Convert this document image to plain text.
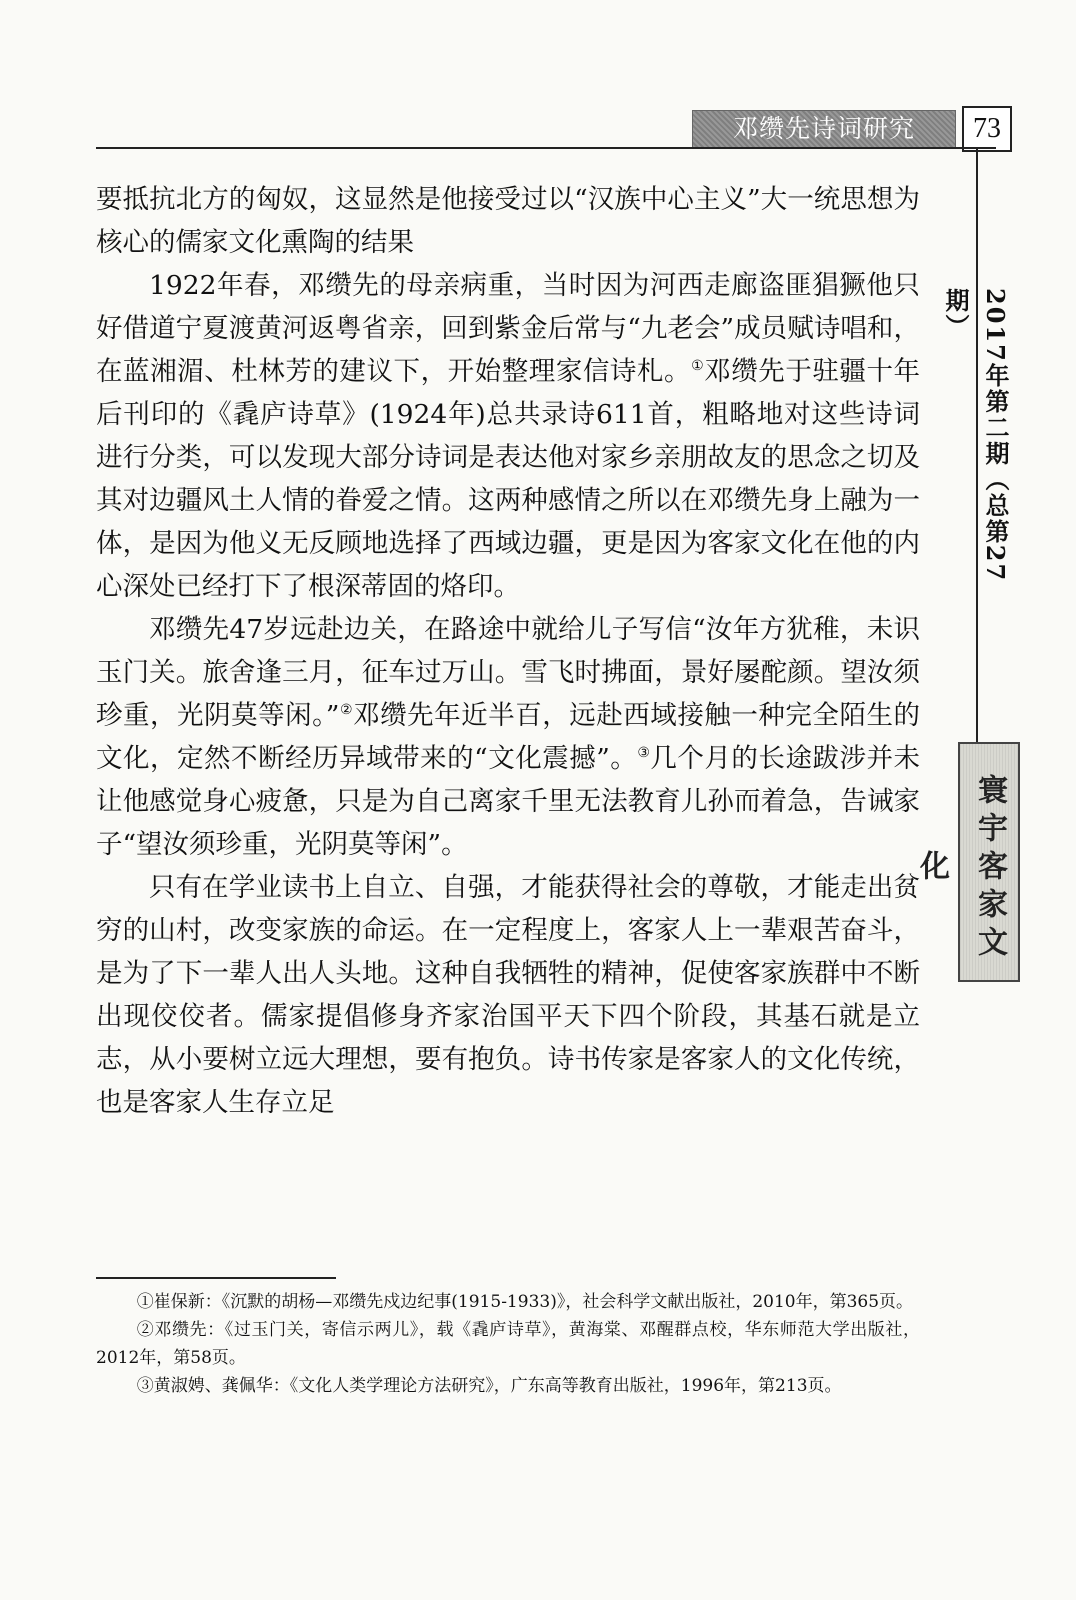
邓缵先诗词研究	73
2017年第二期（总第27期）
寰宇客家文化

要抵抗北方的匈奴，这显然是他接受过以“汉族中心主义”大一统思想为核心的儒家文化熏陶的结果

1922年春，邓缵先的母亲病重，当时因为河西走廊盗匪猖獗他只好借道宁夏渡黄河返粤省亲，回到紫金后常与“九老会”成员赋诗唱和，在蓝湘湄、杜林芳的建议下，开始整理家信诗札。①邓缵先于驻疆十年后刊印的《毳庐诗草》(1924年)总共录诗611首，粗略地对这些诗词进行分类，可以发现大部分诗词是表达他对家乡亲朋故友的思念之切及其对边疆风土人情的眷爱之情。这两种感情之所以在邓缵先身上融为一体，是因为他义无反顾地选择了西域边疆，更是因为客家文化在他的内心深处已经打下了根深蒂固的烙印。

邓缵先47岁远赴边关，在路途中就给儿子写信“汝年方犹稚，未识玉门关。旅舍逢三月，征车过万山。雪飞时拂面，景好屡酡颜。望汝须珍重，光阴莫等闲。”②邓缵先年近半百，远赴西域接触一种完全陌生的文化，定然不断经历异域带来的“文化震撼”。③几个月的长途跋涉并未让他感觉身心疲惫，只是为自己离家千里无法教育儿孙而着急，告诫家子“望汝须珍重，光阴莫等闲”。

只有在学业读书上自立、自强，才能获得社会的尊敬，才能走出贫穷的山村，改变家族的命运。在一定程度上，客家人上一辈艰苦奋斗，是为了下一辈人出人头地。这种自我牺牲的精神，促使客家族群中不断出现佼佼者。儒家提倡修身齐家治国平天下四个阶段，其基石就是立志，从小要树立远大理想，要有抱负。诗书传家是客家人的文化传统，也是客家人生存立足

①崔保新：《沉默的胡杨—邓缵先戍边纪事(1915-1933)》，社会科学文献出版社，2010年，第365页。

②邓缵先：《过玉门关，寄信示两儿》，载《毳庐诗草》，黄海棠、邓醒群点校，华东师范大学出版社，2012年，第58页。

③黄淑娉、龚佩华：《文化人类学理论方法研究》，广东高等教育出版社，1996年，第213页。
